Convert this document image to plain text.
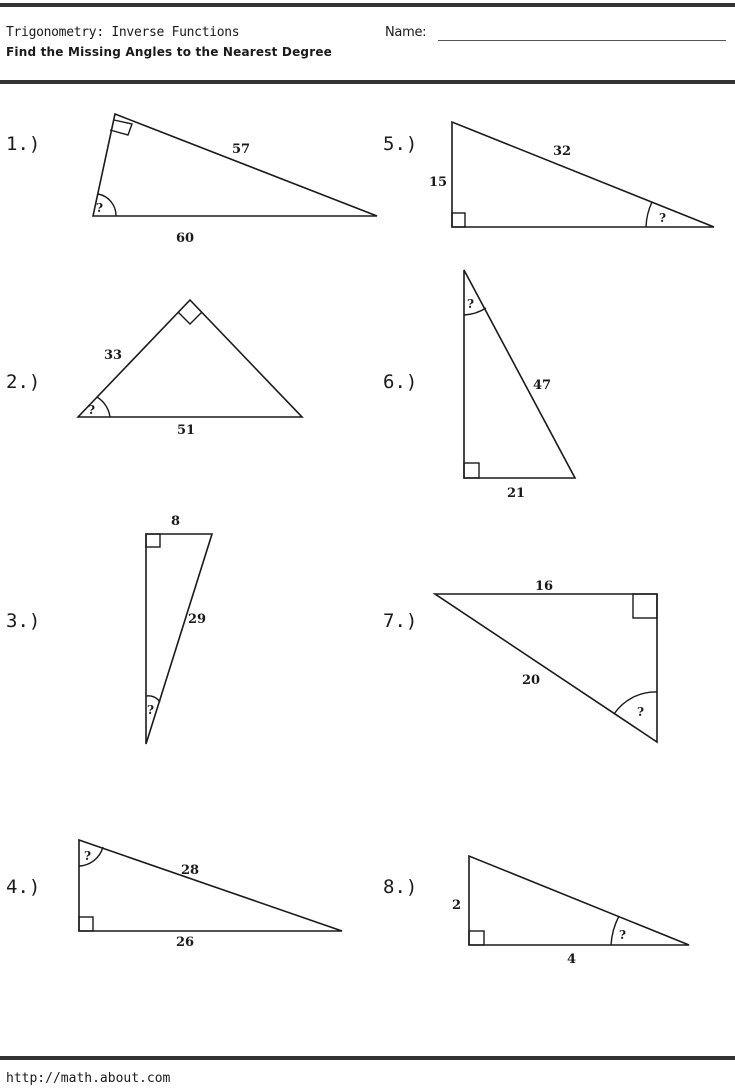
Trigonometry: Inverse Functions
Find the Missing Angles to the Nearest Degree
Name:
1.)
?
57
60
5.)
?
32
15
2.)
?
33
51
6.)
?
47
21
3.)
?
8
29	7.)
?
16
20
4.)
?
28
26
8.)
?
2
4
http://math.about.com
